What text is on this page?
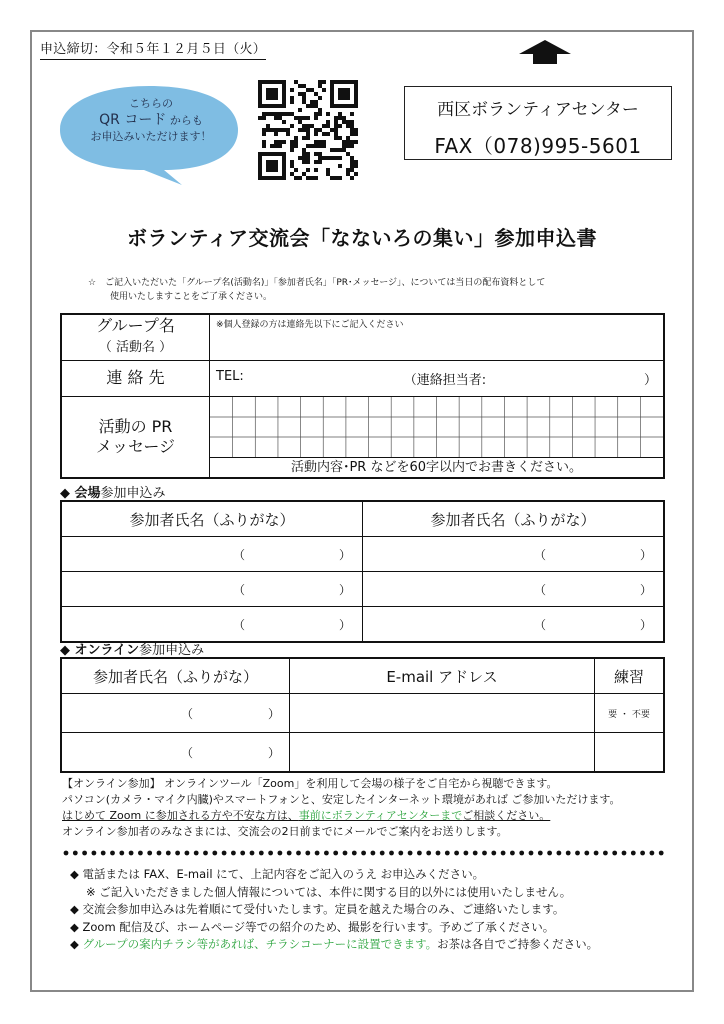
申込締切：令和５年１２月５日（火）
こちらの
QR コード からも
お申込みいただけます！
西区ボランティアセンター
FAX（078)995-5601
ボランティア交流会「なないろの集い」参加申込書
☆　ご記入いただいた「グループ名(活動名)」「参加者氏名」「PR･メッセージ」、については当日の配布資料として
使用いたしますことをご了承ください。
グループ名
（ 活動名 ）	※個人登録の方は連絡先以下にご記入ください
連 絡 先	TEL: （連絡担当者: ）

活動の PR
メッセージ	活動内容･PR などを60字以内でお書きください。
◆ 会場参加申込み
参加者氏名（ふりがな）	参加者氏名（ふりがな）

（ ）	（ ）

（ ）	（ ）

（ ）	（ ）
◆ オンライン参加申込み
参加者氏名（ふりがな）	E-mail アドレス	練習

（ ）		要 ・ 不要

（ ）		

【オンライン参加】 オンラインツール「Zoom」を利用して会場の様子をご自宅から視聴できます。
パソコン(カメラ・マイク内臓)やスマートフォンと、安定したインターネット環境があれば ご参加いただけます。
はじめて Zoom に参加される方や不安な方は、事前にボランティアセンターまでご相談ください。
オンライン参加者のみなさまには、交流会の2日前までにメールでご案内をお送りします。
◆ 電話または FAX、E-mail にて、上記内容をご記入のうえ お申込みください。
※ ご記入いただきました個人情報については、本件に関する目的以外には使用いたしません。
◆ 交流会参加申込みは先着順にて受付いたします。定員を越えた場合のみ、ご連絡いたします。
◆ Zoom 配信及び、ホームページ等での紹介のため、撮影を行います。予めご了承ください。
◆ グループの案内チラシ等があれば、チラシコーナーに設置できます。お茶は各自でご持参ください。
